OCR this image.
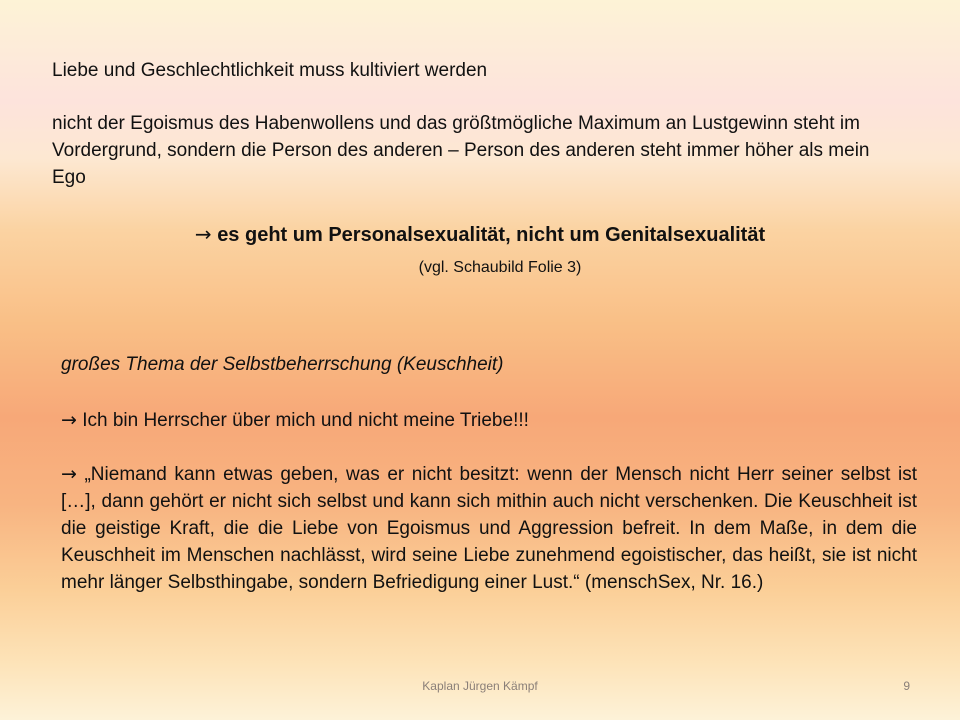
Liebe und Geschlechtlichkeit muss kultiviert werden
nicht der Egoismus des Habenwollens und das größtmögliche Maximum an Lustgewinn steht im Vordergrund, sondern die Person des anderen – Person des anderen steht immer höher als mein Ego
→ es geht um Personalsexualität, nicht um Genitalsexualität
(vgl. Schaubild Folie 3)
großes Thema der Selbstbeherrschung (Keuschheit)
→ Ich bin Herrscher über mich und nicht meine Triebe!!!
→ „Niemand kann etwas geben, was er nicht besitzt: wenn der Mensch nicht Herr seiner selbst ist […], dann gehört er nicht sich selbst und kann sich mithin auch nicht verschenken. Die Keuschheit ist die geistige Kraft, die die Liebe von Egoismus und Aggression befreit. In dem Maße, in dem die Keuschheit im Menschen nachlässt, wird seine Liebe zunehmend egoistischer, das heißt, sie ist nicht mehr länger Selbsthingabe, sondern Befriedigung einer Lust.“ (menschSex, Nr. 16.)
Kaplan Jürgen Kämpf	9
